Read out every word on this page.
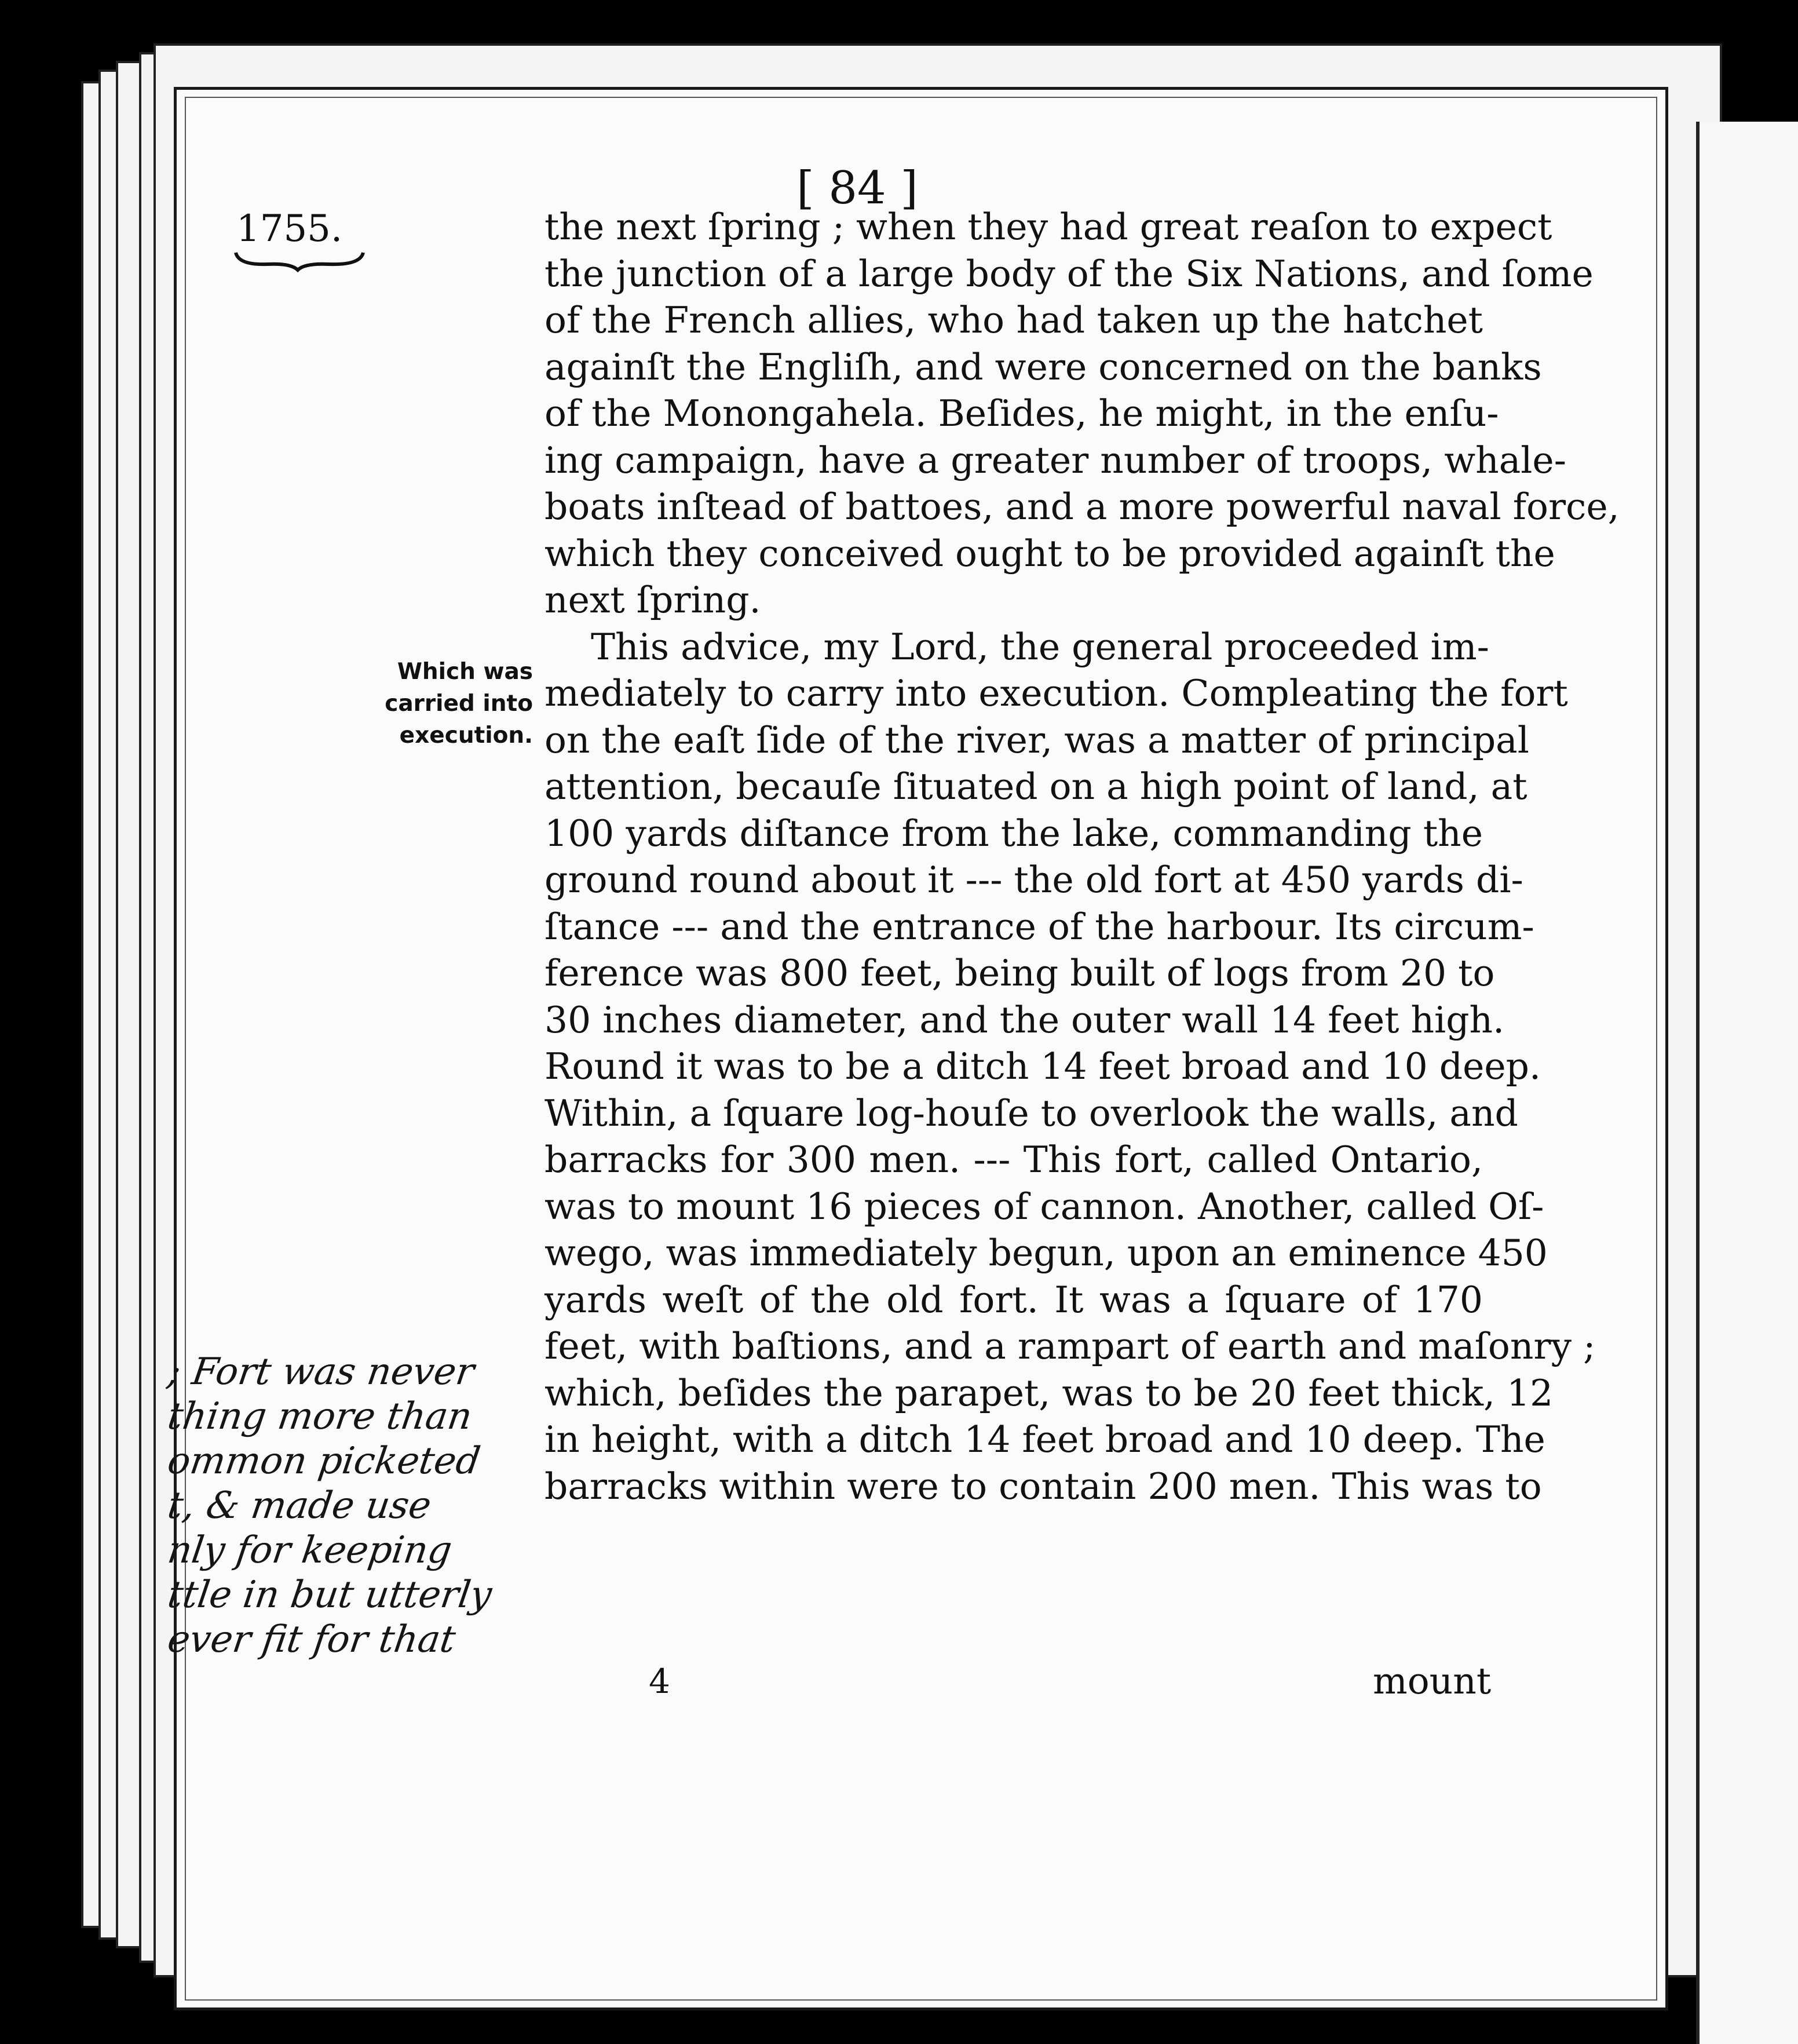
[ 84 ]
1755.
Which was
carried into
execution.
the next ſpring ; when they had great reaſon to expect
the junction of a large body of the Six Nations, and ſome
of the French allies, who had taken up the hatchet
againſt the Engliſh, and were concerned on the banks
of the Monongahela. Beſides, he might, in the enſu-
ing campaign, have a greater number of troops, whale-
boats inſtead of battoes, and a more powerful naval force,
which they conceived ought to be provided againſt the
next ſpring.
This advice, my Lord, the general proceeded im-
mediately to carry into execution. Compleating the fort
on the eaſt ſide of the river, was a matter of principal
attention, becauſe ſituated on a high point of land, at
100 yards diſtance from the lake, commanding the
ground round about it --- the old fort at 450 yards di-
ſtance --- and the entrance of the harbour. Its circum-
ference was 800 feet, being built of logs from 20 to
30 inches diameter, and the outer wall 14 feet high.
Round it was to be a ditch 14 feet broad and 10 deep.
Within, a ſquare log-houſe to overlook the walls, and
barracks for 300 men. --- This fort, called Ontario,
was to mount 16 pieces of cannon. Another, called Oſ-
wego, was immediately begun, upon an eminence 450
yards weſt of the old fort. It was a ſquare of 170
feet, with baſtions, and a rampart of earth and maſonry ;
which, beſides the parapet, was to be 20 feet thick, 12
in height, with a ditch 14 feet broad and 10 deep. The
barracks within were to contain 200 men. This was to
4	mount
; Fort was never
thing more than
ommon picketed
t, & made use
nly for keeping
ttle in but utterly
ever fit for that
